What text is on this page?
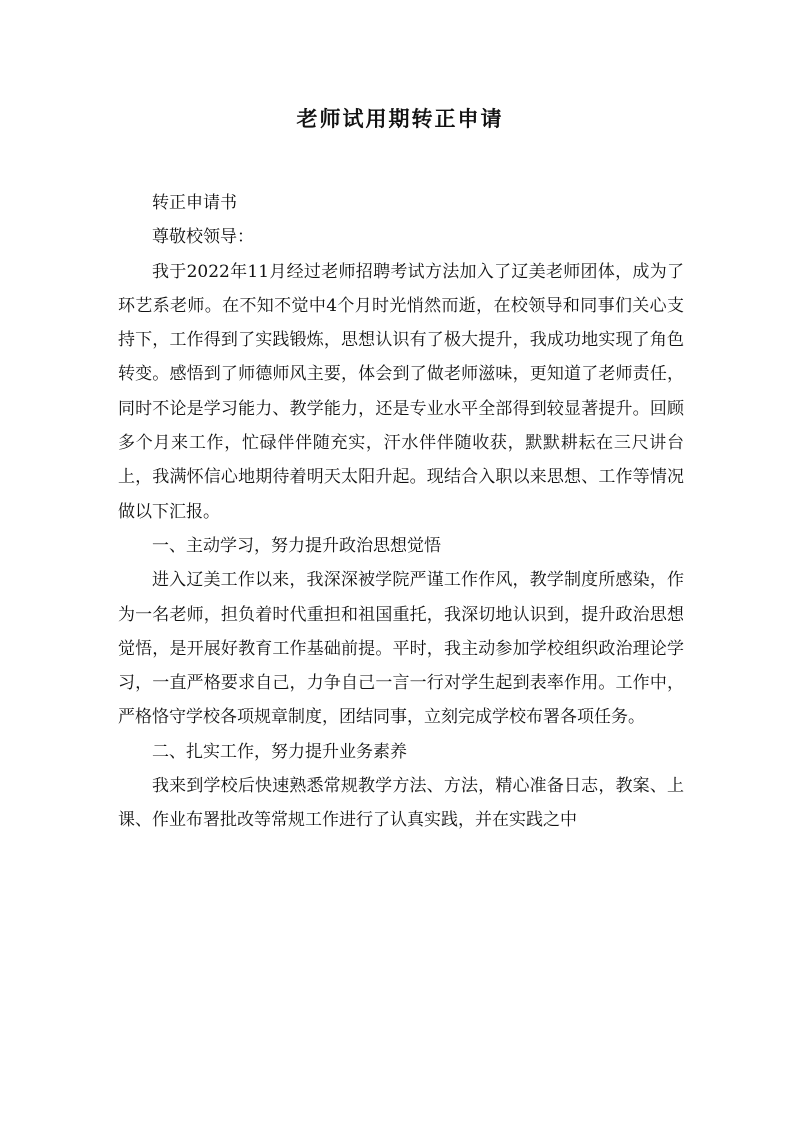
老师试用期转正申请

转正申请书

尊敬校领导：

我于2022年11月经过老师招聘考试方法加入了辽美老师团体，成为了环艺系老师。在不知不觉中4个月时光悄然而逝，在校领导和同事们关心支持下，工作得到了实践锻炼，思想认识有了极大提升，我成功地实现了角色转变。感悟到了师德师风主要，体会到了做老师滋味，更知道了老师责任，同时不论是学习能力、教学能力，还是专业水平全部得到较显著提升。回顾多个月来工作，忙碌伴伴随充实，汗水伴伴随收获，默默耕耘在三尺讲台上，我满怀信心地期待着明天太阳升起。现结合入职以来思想、工作等情况做以下汇报。

一、主动学习，努力提升政治思想觉悟

进入辽美工作以来，我深深被学院严谨工作作风，教学制度所感染，作为一名老师，担负着时代重担和祖国重托，我深切地认识到，提升政治思想觉悟，是开展好教育工作基础前提。平时，我主动参加学校组织政治理论学习，一直严格要求自己，力争自己一言一行对学生起到表率作用。工作中，严格恪守学校各项规章制度，团结同事，立刻完成学校布署各项任务。

二、扎实工作，努力提升业务素养

我来到学校后快速熟悉常规教学方法、方法，精心准备日志，教案、上课、作业布署批改等常规工作进行了认真实践，并在实践之中
